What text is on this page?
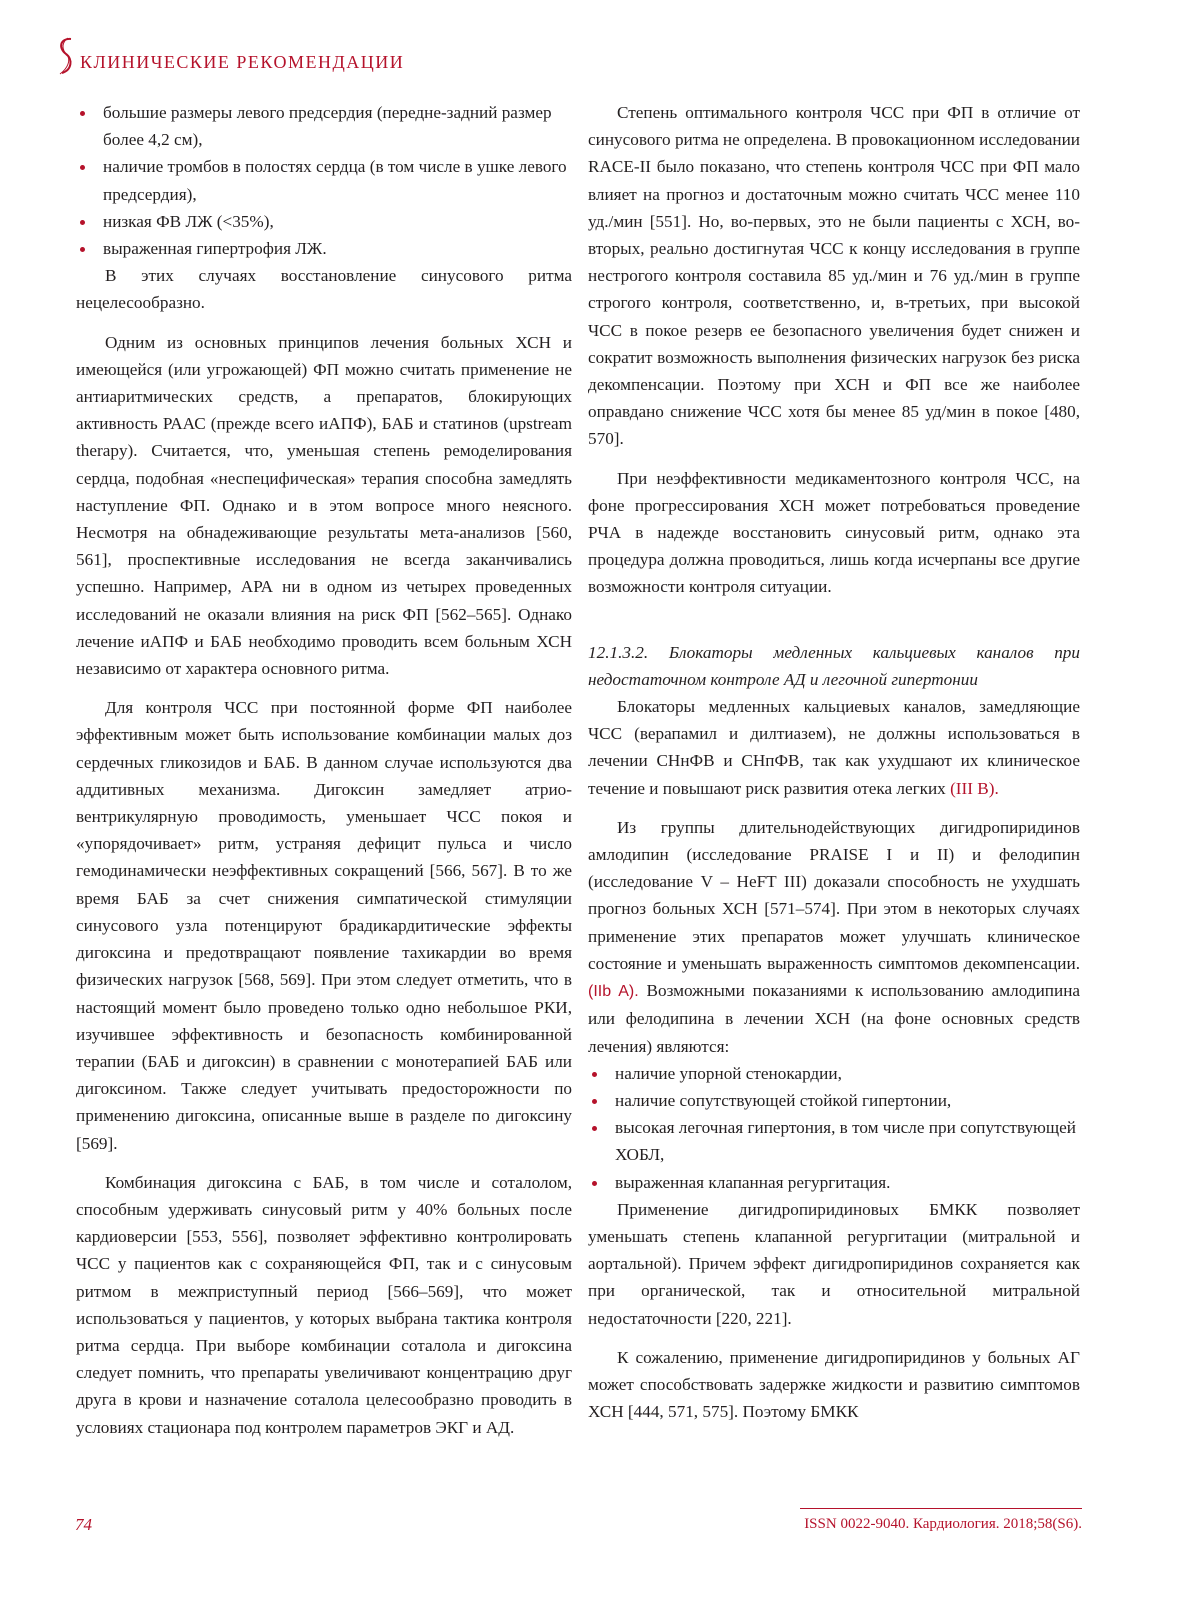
КЛИНИЧЕСКИЕ РЕКОМЕНДАЦИИ
большие размеры левого предсердия (передне-задний размер более 4,2 см),
наличие тромбов в полостях сердца (в том числе в ушке левого предсердия),
низкая ФВ ЛЖ (<35%),
выраженная гипертрофия ЛЖ.

В этих случаях восстановление синусового ритма нецелесообразно.

Одним из основных принципов лечения больных ХСН и имеющейся (или угрожающей) ФП можно считать применение не антиаритмических средств, а препаратов, блокирующих активность РААС (прежде всего иАПФ), БАБ и статинов (upstream therapy). Считается, что, уменьшая степень ремоделирования сердца, подобная «неспецифическая» терапия способна замедлять наступление ФП. Однако и в этом вопросе много неясного. Несмотря на обнадеживающие результаты мета-анализов [560, 561], проспективные исследования не всегда заканчивались успешно. Например, АРА ни в одном из четырех проведенных исследований не оказали влияния на риск ФП [562–565]. Однако лечение иАПФ и БАБ необходимо проводить всем больным ХСН независимо от характера основного ритма.

Для контроля ЧСС при постоянной форме ФП наиболее эффективным может быть использование комбинации малых доз сердечных гликозидов и БАБ. В данном случае используются два аддитивных механизма. Дигоксин замедляет атрио-вентрикулярную проводимость, уменьшает ЧСС покоя и «упорядочивает» ритм, устраняя дефицит пульса и число гемодинамически неэффективных сокращений [566, 567]. В то же время БАБ за счет снижения симпатической стимуляции синусового узла потенцируют брадикардитические эффекты дигоксина и предотвращают появление тахикардии во время физических нагрузок [568, 569]. При этом следует отметить, что в настоящий момент было проведено только одно небольшое РКИ, изучившее эффективность и безопасность комбинированной терапии (БАБ и дигоксин) в сравнении с монотерапией БАБ или дигоксином. Также следует учитывать предосторожности по применению дигоксина, описанные выше в разделе по дигоксину [569].

Комбинация дигоксина с БАБ, в том числе и соталолом, способным удерживать синусовый ритм у 40% больных после кардиоверсии [553, 556], позволяет эффективно контролировать ЧСС у пациентов как с сохраняющейся ФП, так и с синусовым ритмом в межприступный период [566–569], что может использоваться у пациентов, у которых выбрана тактика контроля ритма сердца. При выборе комбинации соталола и дигоксина следует помнить, что препараты увеличивают концентрацию друг друга в крови и назначение соталола целесообразно проводить в условиях стационара под контролем параметров ЭКГ и АД.

Степень оптимального контроля ЧСС при ФП в отличие от синусового ритма не определена. В провокационном исследовании RACE-II было показано, что степень контроля ЧСС при ФП мало влияет на прогноз и достаточным можно считать ЧСС менее 110 уд./мин [551]. Но, во-первых, это не были пациенты с ХСН, во-вторых, реально достигнутая ЧСС к концу исследования в группе нестрогого контроля составила 85 уд./мин и 76 уд./мин в группе строгого контроля, соответственно, и, в-третьих, при высокой ЧСС в покое резерв ее безопасного увеличения будет снижен и сократит возможность выполнения физических нагрузок без риска декомпенсации. Поэтому при ХСН и ФП все же наиболее оправдано снижение ЧСС хотя бы менее 85 уд/мин в покое [480, 570].

При неэффективности медикаментозного контроля ЧСС, на фоне прогрессирования ХСН может потребоваться проведение РЧА в надежде восстановить синусовый ритм, однако эта процедура должна проводиться, лишь когда исчерпаны все другие возможности контроля ситуации.

12.1.3.2. Блокаторы медленных кальциевых каналов при недостаточном контроле АД и легочной гипертонии

Блокаторы медленных кальциевых каналов, замедляющие ЧСС (верапамил и дилтиазем), не должны использоваться в лечении СНнФВ и СНпФВ, так как ухудшают их клиническое течение и повышают риск развития отека легких (III B).

Из группы длительнодействующих дигидропиридинов амлодипин (исследование PRAISE I и II) и фелодипин (исследование V – HeFT III) доказали способность не ухудшать прогноз больных ХСН [571–574]. При этом в некоторых случаях применение этих препаратов может улучшать клиническое состояние и уменьшать выраженность симптомов декомпенсации. (IIb A). Возможными показаниями к использованию амлодипина или фелодипина в лечении ХСН (на фоне основных средств лечения) являются:

наличие упорной стенокардии,
наличие сопутствующей стойкой гипертонии,
высокая легочная гипертония, в том числе при сопутствующей ХОБЛ,
выраженная клапанная регургитация.

Применение дигидропиридиновых БМКК позволяет уменьшать степень клапанной регургитации (митральной и аортальной). Причем эффект дигидропиридинов сохраняется как при органической, так и относительной митральной недостаточности [220, 221].

К сожалению, применение дигидропиридинов у больных АГ может способствовать задержке жидкости и развитию симптомов ХСН [444, 571, 575]. Поэтому БМКК

74	ISSN 0022-9040. Кардиология. 2018;58(S6).
